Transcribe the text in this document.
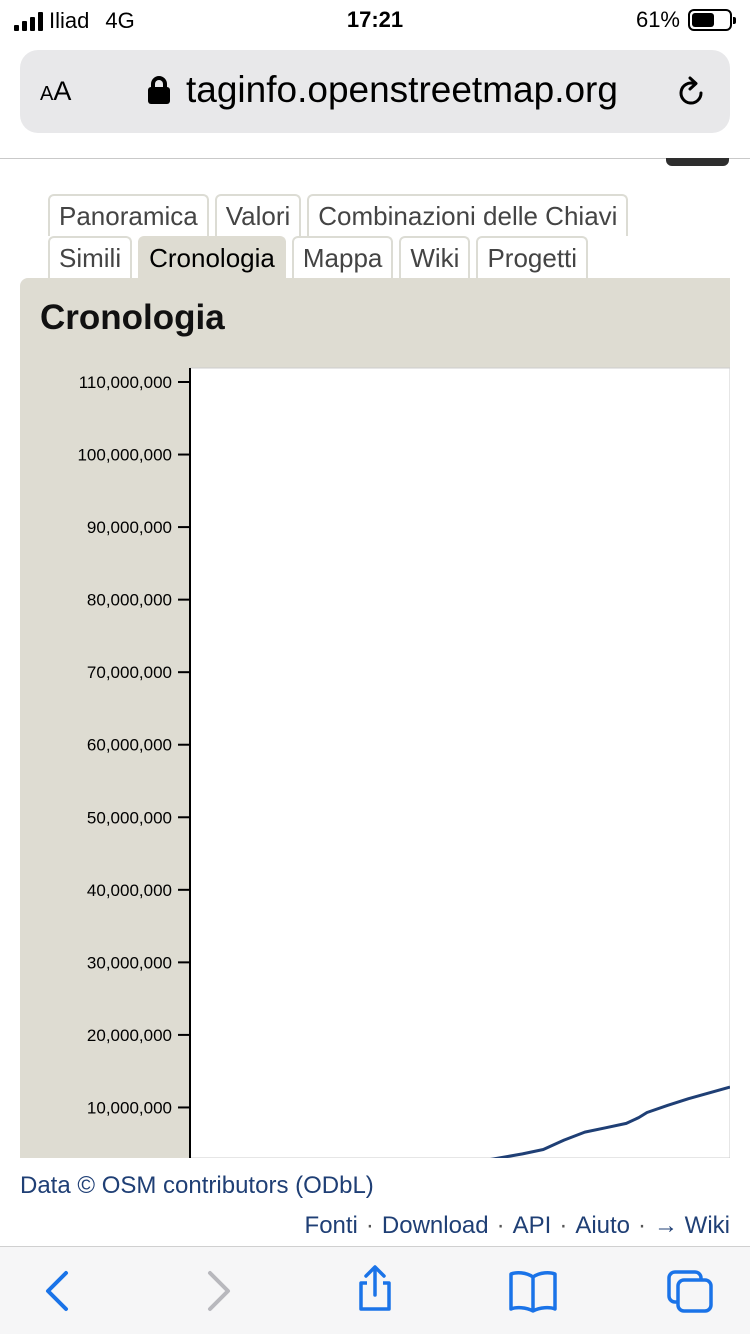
Iliad 4G	17:21	61%
AA	taginfo.openstreetmap.org
Panoramica	Valori	Combinazioni delle Chiavi
Simili	Cronologia	Mappa	Wiki	Progetti
Cronologia
110,000,000
100,000,000
90,000,000
80,000,000
70,000,000
60,000,000
50,000,000
40,000,000
30,000,000
20,000,000
10,000,000
Data © OSM contributors (ODbL)
Fonti · Download · API · Aiuto · → Wiki
